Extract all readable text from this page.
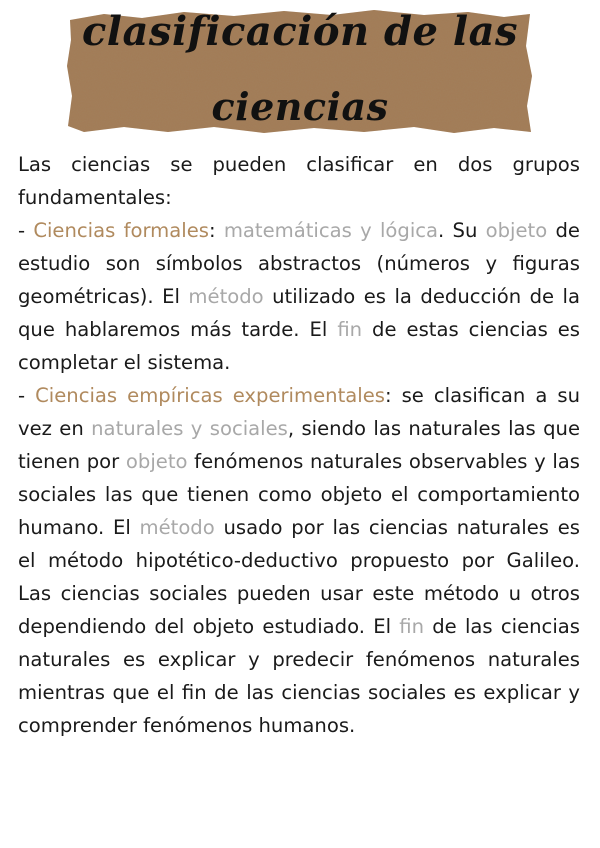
clasificación de las
ciencias

Las ciencias se pueden clasificar en dos grupos fundamentales:

- Ciencias formales: matemáticas y lógica. Su objeto de estudio son símbolos abstractos (números y figuras geométricas). El método utilizado es la deducción de la que hablaremos más tarde. El fin de estas ciencias es completar el sistema.

- Ciencias empíricas experimentales: se clasifican a su vez en naturales y sociales, siendo las naturales las que tienen por objeto fenómenos naturales observables y las sociales las que tienen como objeto el comportamiento humano. El método usado por las ciencias naturales es el método hipotético-deductivo propuesto por Galileo. Las ciencias sociales pueden usar este método u otros dependiendo del objeto estudiado. El fin de las ciencias naturales es explicar y predecir fenómenos naturales mientras que el fin de las ciencias sociales es explicar y comprender fenómenos humanos.
